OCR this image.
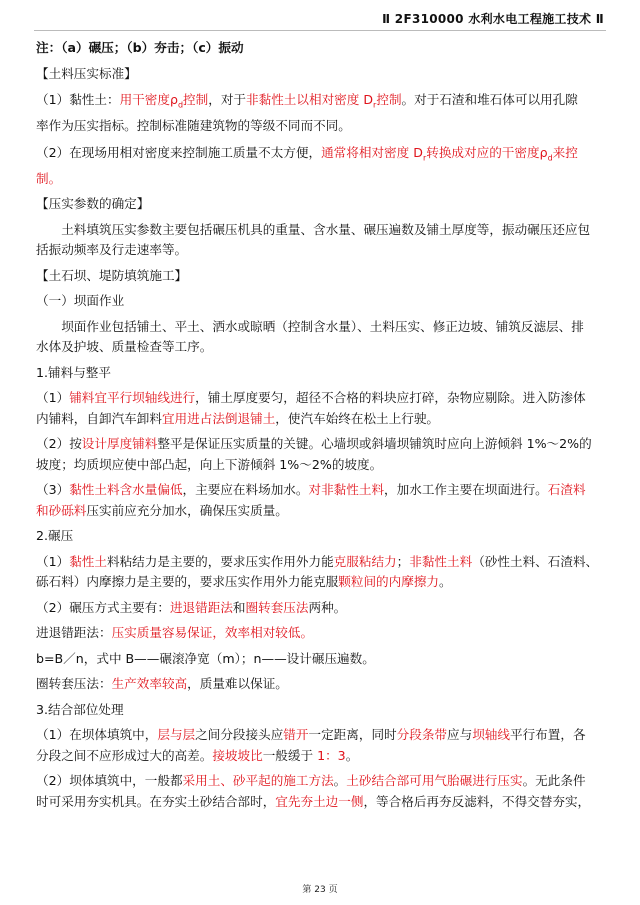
Ⅱ 2F310000 水利水电工程施工技术 Ⅱ

注：（a）碾压；（b）夯击；（c）振动

【土料压实标准】

（1）黏性土：用干密度$\rho_d$控制，对于非黏性土以相对密度 $D_r$控制。对于石渣和堆石体可以用孔隙

率作为压实指标。控制标准随建筑物的等级不同而不同。

（2）在现场用相对密度来控制施工质量不太方便，通常将相对密度 $D_r$转换成对应的干密度$\rho_d$来控

制。

【压实参数的确定】

土料填筑压实参数主要包括碾压机具的重量、含水量、碾压遍数及铺土厚度等，振动碾压还应包

括振动频率及行走速率等。

【土石坝、堤防填筑施工】

（一）坝面作业

坝面作业包括铺土、平土、洒水或晾晒（控制含水量）、土料压实、修正边坡、铺筑反滤层、排

水体及护坡、质量检查等工序。

1.铺料与整平

（1）铺料宜平行坝轴线进行，铺土厚度要匀，超径不合格的料块应打碎，杂物应剔除。进入防渗体

内铺料，自卸汽车卸料宜用进占法倒退铺土，使汽车始终在松土上行驶。

（2）按设计厚度铺料整平是保证压实质量的关键。心墙坝或斜墙坝铺筑时应向上游倾斜 1%～2%的

坡度；均质坝应使中部凸起，向上下游倾斜 1%～2%的坡度。

（3）黏性土料含水量偏低，主要应在料场加水。对非黏性土料，加水工作主要在坝面进行。石渣料

和砂砾料压实前应充分加水，确保压实质量。

2.碾压

（1）黏性土料粘结力是主要的，要求压实作用外力能克服粘结力；非黏性土料（砂性土料、石渣料、

砾石料）内摩擦力是主要的，要求压实作用外力能克服颗粒间的内摩擦力。

（2）碾压方式主要有：进退错距法和圈转套压法两种。

进退错距法：压实质量容易保证，效率相对较低。

b=B／n，式中 B——碾滚净宽（m）；n——设计碾压遍数。

圈转套压法：生产效率较高，质量难以保证。

3.结合部位处理

（1）在坝体填筑中，层与层之间分段接头应错开一定距离，同时分段条带应与坝轴线平行布置，各

分段之间不应形成过大的高差。接坡坡比一般缓于 1：3。

（2）坝体填筑中，一般都采用土、砂平起的施工方法。土砂结合部可用气胎碾进行压实。无此条件

时可采用夯实机具。在夯实土砂结合部时，宜先夯土边一侧，等合格后再夯反滤料，不得交替夯实，

第 23 页
